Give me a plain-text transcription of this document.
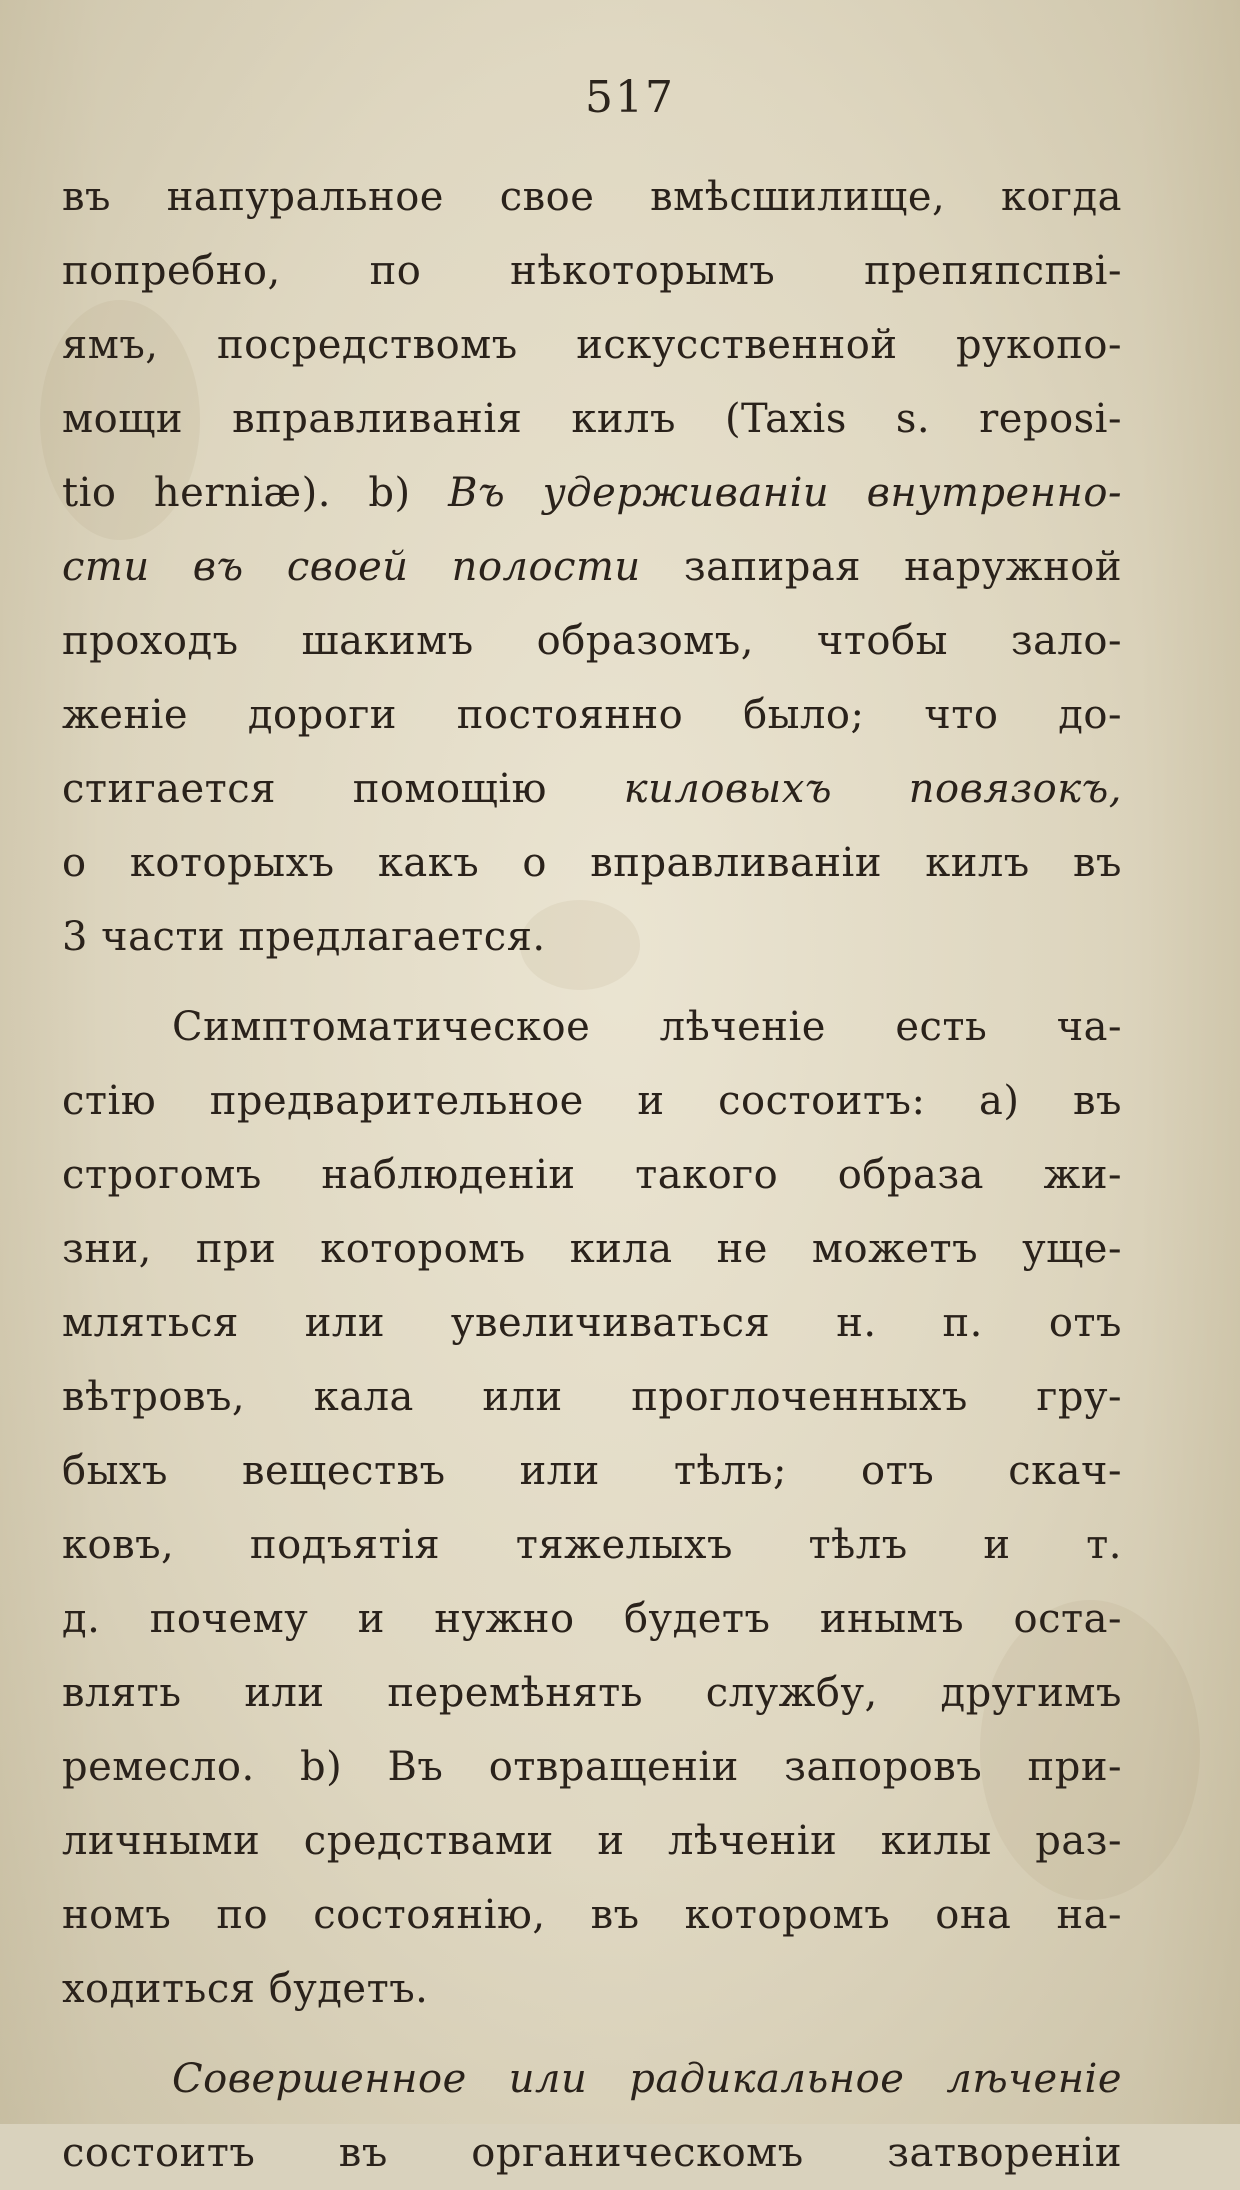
517
въ напуральное свое вмѣсшилище, когда
попребно, по нѣкоторымъ препяпспві-
ямъ, посредствомъ искусственной рукопо-
мощи вправливанія килъ (Taxis s. reposi-
tio herniæ). b) Въ удерживаніи внутренно-
сти въ своей полости запирая наружной
проходъ шакимъ образомъ, чтобы зало-
женіе дороги постоянно было; что до-
стигается помощію киловыхъ повязокъ,
о которыхъ какъ о вправливаніи килъ въ
3 части предлагается.
Симптоматическое лѣченіе есть ча-
стію предварительное и состоитъ: а) въ
строгомъ наблюденіи такого образа жи-
зни, при которомъ кила не можетъ уще-
мляться или увеличиваться н. п. отъ
вѣтровъ, кала или проглоченныхъ гру-
быхъ веществъ или тѣлъ; отъ скач-
ковъ, подъятія тяжелыхъ тѣлъ и т.
д. почему и нужно будетъ инымъ оста-
влять или перемѣнять службу, другимъ
ремесло. b) Въ отвращеніи запоровъ при-
личными средствами и лѣченіи килы раз-
номъ по состоянію, въ которомъ она на-
ходиться будетъ.
Совершенное или радикальное лѣченіе
состоитъ въ органическомъ затвореніи
